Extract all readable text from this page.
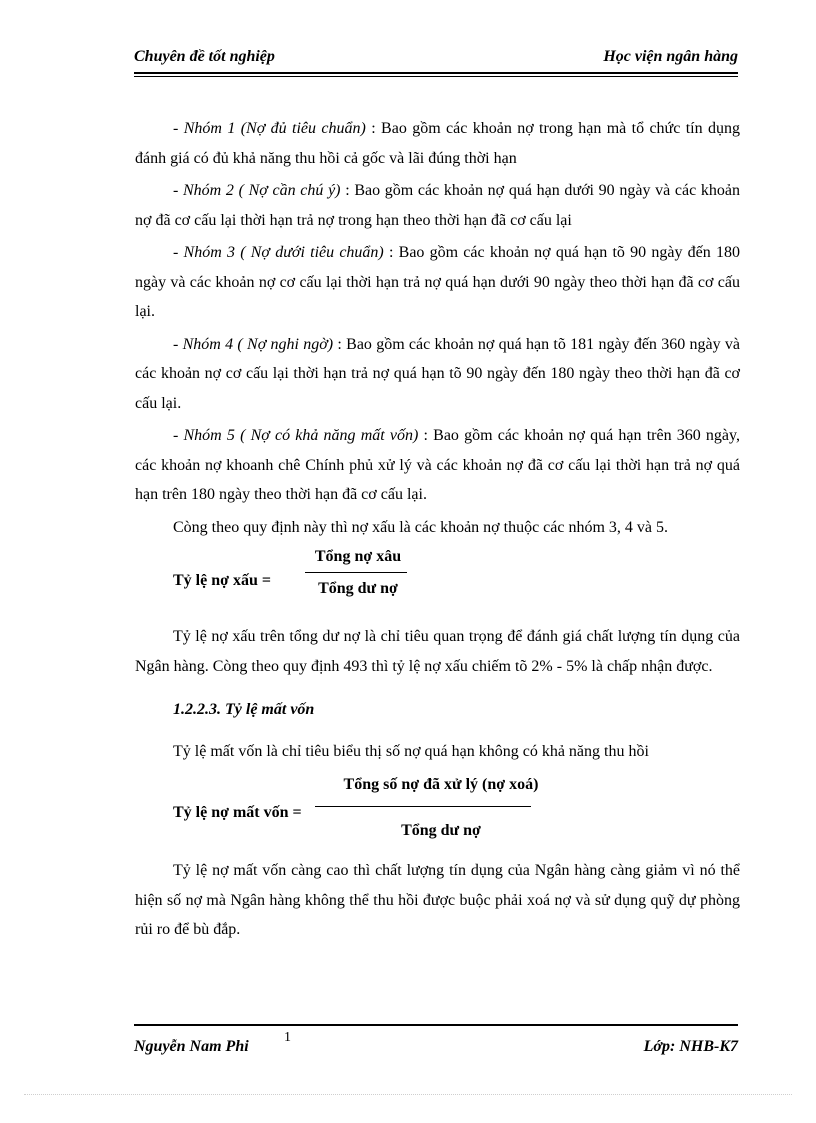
Chuyên đề tốt nghiệp	Học viện ngân hàng

- Nhóm 1 (Nợ đủ tiêu chuẩn) : Bao gồm các khoản nợ trong hạn mà tổ chức tín dụng đánh giá có đủ khả năng thu hồi cả gốc và lãi đúng thời hạn

- Nhóm 2 ( Nợ cần chú ý) : Bao gồm các khoản nợ quá hạn dưới 90 ngày và các khoản nợ đã cơ cấu lại thời hạn trả nợ trong hạn theo thời hạn đã cơ cấu lại

- Nhóm 3 ( Nợ dưới tiêu chuẩn) : Bao gồm các khoản nợ quá hạn tõ 90 ngày đến 180 ngày và các khoản nợ cơ cấu lại thời hạn trả nợ quá hạn dưới 90 ngày theo thời hạn đã cơ cấu lại.

- Nhóm 4 ( Nợ nghi ngờ) : Bao gồm các khoản nợ quá hạn tõ 181 ngày đến 360 ngày và các khoản nợ cơ cấu lại thời hạn trả nợ quá hạn tõ 90 ngày đến 180 ngày theo thời hạn đã cơ cấu lại.

- Nhóm 5 ( Nợ có khả năng mất vốn) : Bao gồm các khoản nợ quá hạn trên 360 ngày, các khoản nợ khoanh chê Chính phủ xử lý và các khoản nợ đã cơ cấu lại thời hạn trả nợ quá hạn trên 180 ngày theo thời hạn đã cơ cấu lại.

Còng theo quy định này thì nợ xấu là các khoản nợ thuộc các nhóm 3, 4 và 5.

Tỷ lệ nợ xấu =
Tổng nợ xâu
Tổng dư nợ

Tỷ lệ nợ xấu trên tổng dư nợ là chỉ tiêu quan trọng để đánh giá chất lượng tín dụng của Ngân hàng. Còng theo quy định 493 thì tỷ lệ nợ xấu chiếm tõ 2% - 5% là chấp nhận được.

1.2.2.3. Tỷ lệ mất vốn

Tỷ lệ mất vốn là chỉ tiêu biểu thị số nợ quá hạn không có khả năng thu hồi

Tỷ lệ nợ mất vốn =
Tổng số nợ đã xử lý (nợ xoá)
Tổng dư nợ

Tỷ lệ nợ mất vốn càng cao thì chất lượng tín dụng của Ngân hàng càng giảm vì nó thể hiện số nợ mà Ngân hàng không thể thu hồi được buộc phải xoá nợ và sử dụng quỹ dự phòng rủi ro để bù đắp.

Nguyễn Nam Phi
1
Lớp: NHB-K7
